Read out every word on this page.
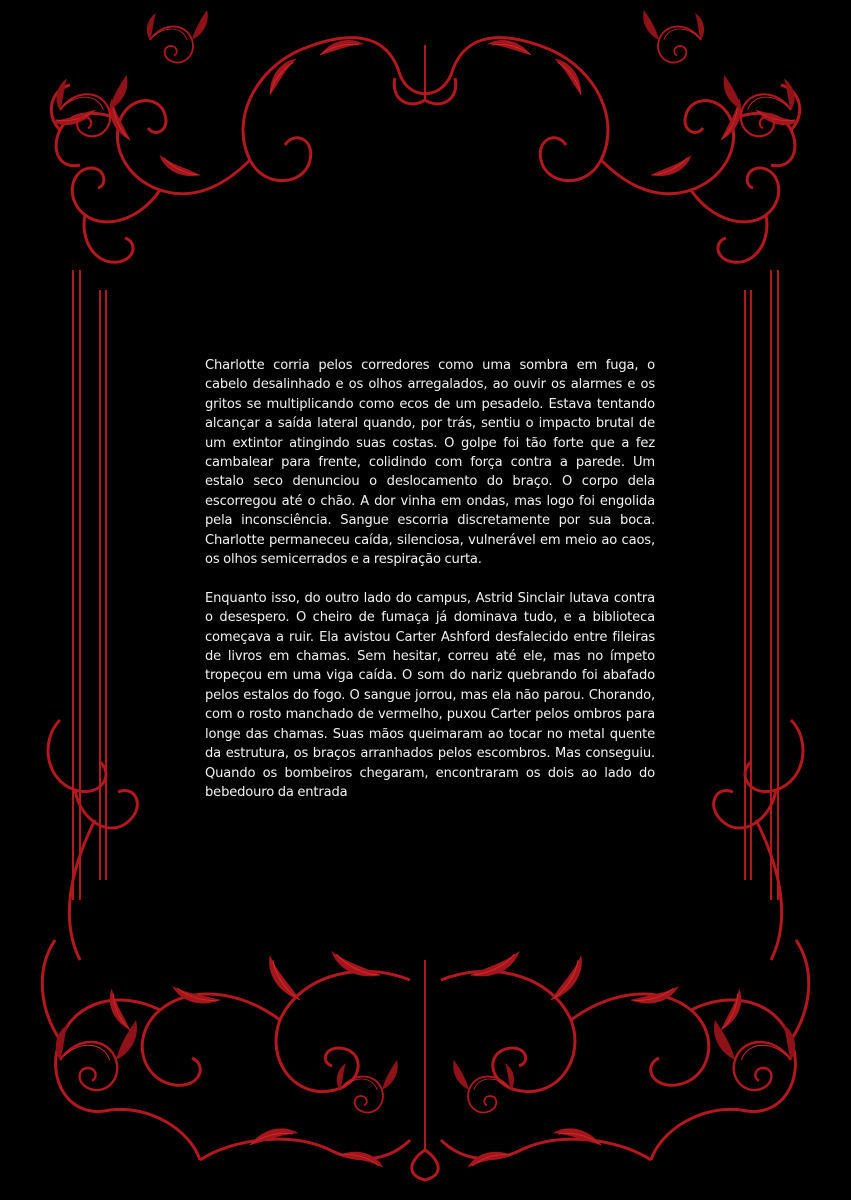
Charlotte corria pelos corredores como uma sombra em fuga, o cabelo desalinhado e os olhos arregalados, ao ouvir os alarmes e os gritos se multiplicando como ecos de um pesadelo. Estava tentando alcançar a saída lateral quando, por trás, sentiu o impacto brutal de um extintor atingindo suas costas. O golpe foi tão forte que a fez cambalear para frente, colidindo com força contra a parede. Um estalo seco denunciou o deslocamento do braço. O corpo dela escorregou até o chão. A dor vinha em ondas, mas logo foi engolida pela inconsciência. Sangue escorria discretamente por sua boca. Charlotte permaneceu caída, silenciosa, vulnerável em meio ao caos, os olhos semicerrados e a respiração curta.

Enquanto isso, do outro lado do campus, Astrid Sinclair lutava contra o desespero. O cheiro de fumaça já dominava tudo, e a biblioteca começava a ruir. Ela avistou Carter Ashford desfalecido entre fileiras de livros em chamas. Sem hesitar, correu até ele, mas no ímpeto tropeçou em uma viga caída. O som do nariz quebrando foi abafado pelos estalos do fogo. O sangue jorrou, mas ela não parou. Chorando, com o rosto manchado de vermelho, puxou Carter pelos ombros para longe das chamas. Suas mãos queimaram ao tocar no metal quente da estrutura, os braços arranhados pelos escombros. Mas conseguiu. Quando os bombeiros chegaram, encontraram os dois ao lado do bebedouro da entrada
